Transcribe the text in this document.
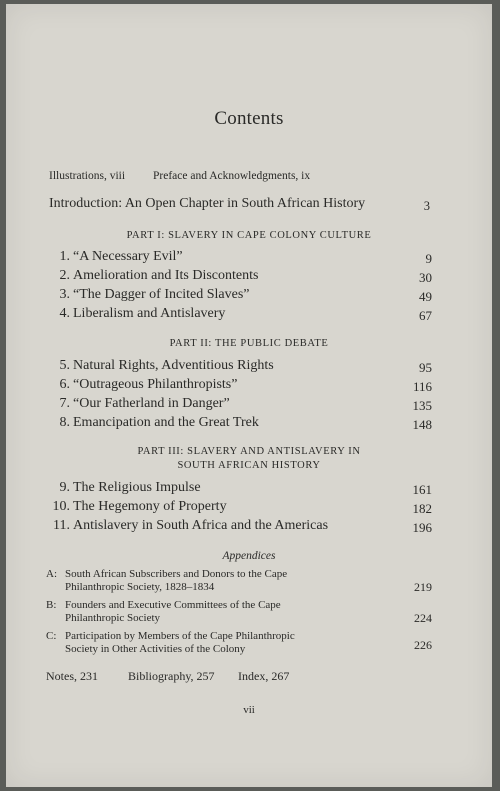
Contents
Illustrations, viii Preface and Acknowledgments, ix
Introduction: An Open Chapter in South African History	3
PART I: SLAVERY IN CAPE COLONY CULTURE
1. “A Necessary Evil”	9
2. Amelioration and Its Discontents	30
3. “The Dagger of Incited Slaves”	49
4. Liberalism and Antislavery	67
PART II: THE PUBLIC DEBATE
5. Natural Rights, Adventitious Rights	95
6. “Outrageous Philanthropists”	116
7. “Our Fatherland in Danger”	135
8. Emancipation and the Great Trek	148
PART III: SLAVERY AND ANTISLAVERY IN
SOUTH AFRICAN HISTORY
9. The Religious Impulse	161
10. The Hegemony of Property	182
11. Antislavery in South Africa and the Americas	196
Appendices
A: South African Subscribers and Donors to the Cape
Philanthropic Society, 1828–1834	219
B: Founders and Executive Committees of the Cape
Philanthropic Society	224
C: Participation by Members of the Cape Philanthropic
Society in Other Activities of the Colony	226
Notes, 231	Bibliography, 257 Index, 267
vii
